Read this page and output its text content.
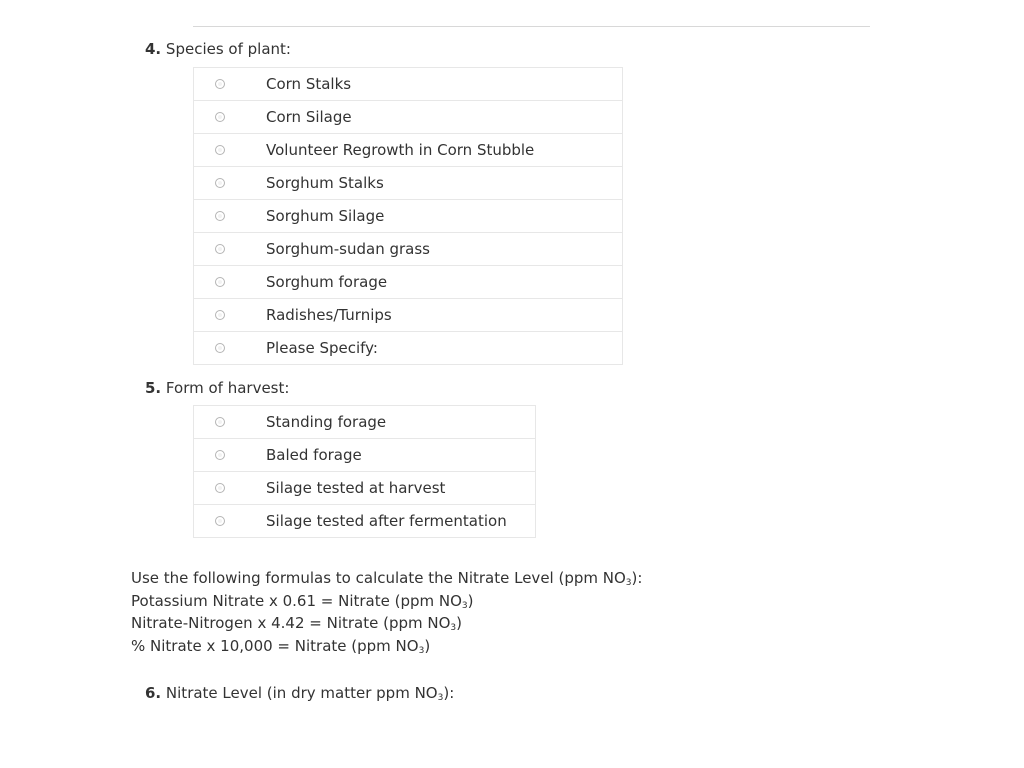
4. Species of plant:
	Corn Stalks
	Corn Silage
	Volunteer Regrowth in Corn Stubble
	Sorghum Stalks
	Sorghum Silage
	Sorghum-sudan grass
	Sorghum forage
	Radishes/Turnips
	Please Specify:
5. Form of harvest:
	Standing forage
	Baled forage
	Silage tested at harvest
	Silage tested after fermentation
Use the following formulas to calculate the Nitrate Level (ppm $NO_3$):
Potassium Nitrate x 0.61 = Nitrate (ppm $NO_3$)
Nitrate-Nitrogen x 4.42 = Nitrate (ppm $NO_3$)
% Nitrate x 10,000 = Nitrate (ppm $NO_3$)
6. Nitrate Level (in dry matter ppm $NO_3$):
